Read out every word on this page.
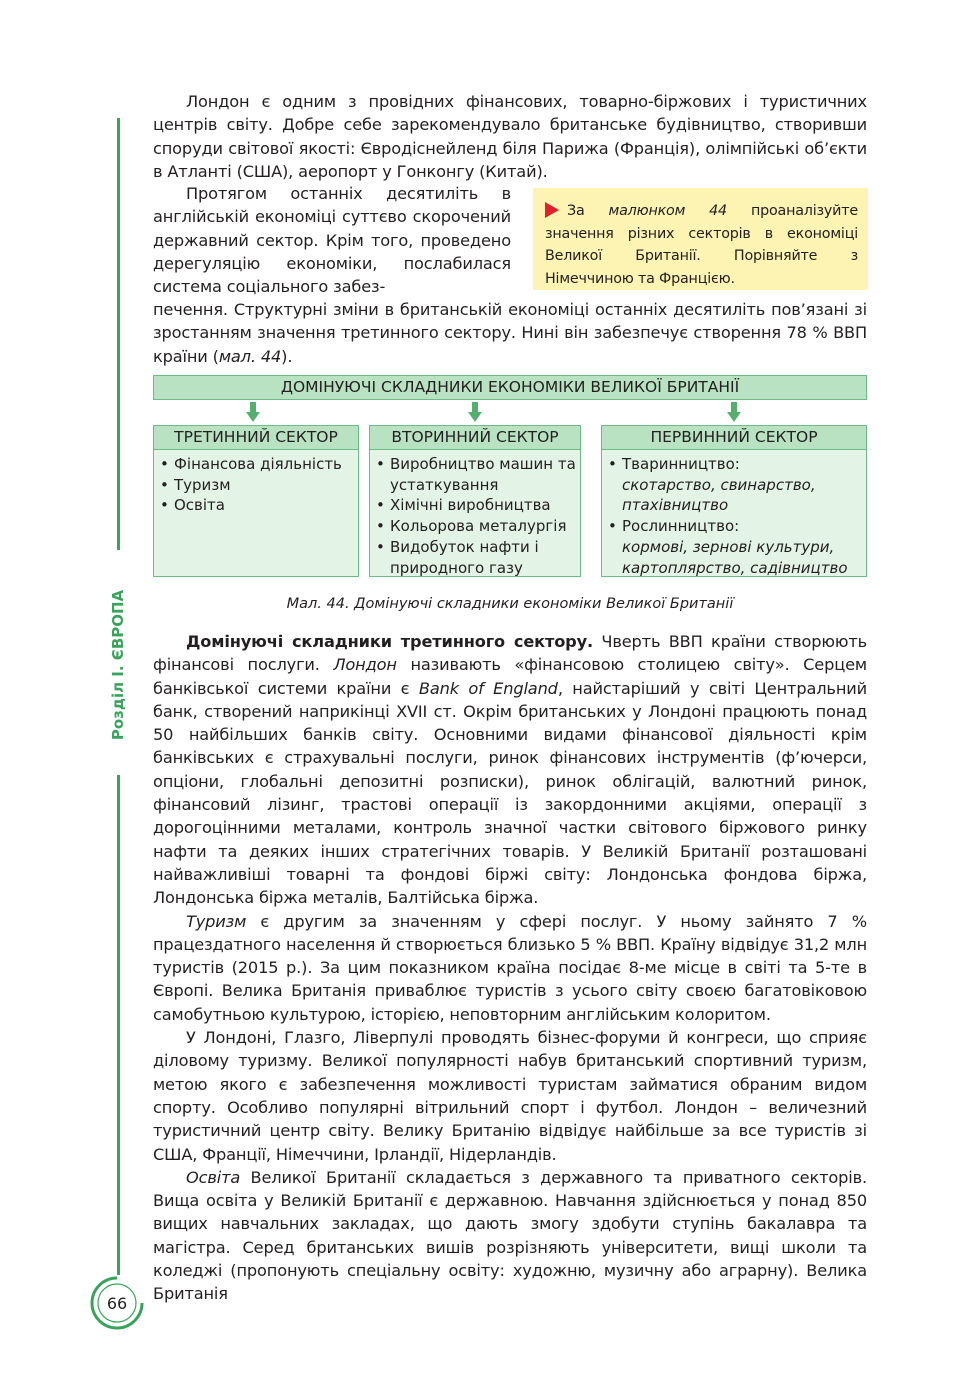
Розділ І. ЄВРОПА

Лондон є одним з провідних фінансових, товарно-біржових і туристичних центрів світу. Добре себе зарекомендувало британське будівництво, створивши споруди світової якості: Євродіснейленд біля Парижа (Франція), олімпійські об’єкти в Атланті (США), аеропорт у Гонконгу (Китай).

Протягом останніх десятиліть в англійській економіці суттєво скорочений державний сектор. Крім того, проведено дерегуляцію економіки, послабилася система соціального забез-

печення. Структурні зміни в британській економіці останніх десятиліть пов’язані зі зростанням значення третинного сектору. Нині він забезпечує створення 78 % ВВП країни (мал. 44).

За малюнком 44 проаналізуйте значення різних секторів в економіці Великої Британії. Порівняйте з Німеччиною та Францією.
ДОМІНУЮЧІ СКЛАДНИКИ ЕКОНОМІКИ ВЕЛИКОЇ БРИТАНІЇ
ТРЕТИННИЙ СЕКТОР
• Фінансова діяльність
• Туризм
• Освіта
ВТОРИННИЙ СЕКТОР
• Виробництво машин та устаткування
• Хімічні виробництва
• Кольорова металургія
• Видобуток нафти і природного газу
ПЕРВИННИЙ СЕКТОР
• Тваринництво:
скотарство, свинарство, птахівництво
• Рослинництво:
кормові, зернові культури, картоплярство, садівництво
Мал. 44. Домінуючі складники економіки Великої Британії

Домінуючі складники третинного сектору. Чверть ВВП країни створюють фінансові послуги. Лондон називають «фінансовою столицею світу». Серцем банківської системи країни є Bank of England, найстаріший у світі Центральний банк, створений наприкінці XVII ст. Окрім британських у Лондоні працюють понад 50 найбільших банків світу. Основними видами фінансової діяльності крім банківських є страхувальні послуги, ринок фінансових інструментів (ф’ючерси, опціони, глобальні депозитні розписки), ринок облігацій, валютний ринок, фінансовий лізинг, трастові операції із закордонними акціями, операції з дорогоцінними металами, контроль значної частки світового біржового ринку нафти та деяких інших стратегічних товарів. У Великій Британії розташовані найважливіші товарні та фондові біржі світу: Лондонська фондова біржа, Лондонська біржа металів, Балтійська біржа.

Туризм є другим за значенням у сфері послуг. У ньому зайнято 7 % працездатного населення й створюється близько 5 % ВВП. Країну відвідує 31,2 млн туристів (2015 р.). За цим показником країна посідає 8-ме місце в світі та 5-те в Європі. Велика Британія приваблює туристів з усього світу своєю багатовіковою самобутньою культурою, історією, неповторним англійським колоритом.

У Лондоні, Глазго, Ліверпулі проводять бізнес-форуми й конгреси, що сприяє діловому туризму. Великої популярності набув британський спортивний туризм, метою якого є забезпечення можливості туристам займатися обраним видом спорту. Особливо популярні вітрильний спорт і футбол. Лондон – величезний туристичний центр світу. Велику Британію відвідує найбільше за все туристів зі США, Франції, Німеччини, Ірландії, Нідерландів.

Освіта Великої Британії складається з державного та приватного секторів. Вища освіта у Великій Британії є державною. Навчання здійснюється у понад 850 вищих навчальних закладах, що дають змогу здобути ступінь бакалавра та магістра. Серед британських вишів розрізняють університети, вищі школи та коледжі (пропонують спеціальну освіту: художню, музичну або аграрну). Велика Британія

66
